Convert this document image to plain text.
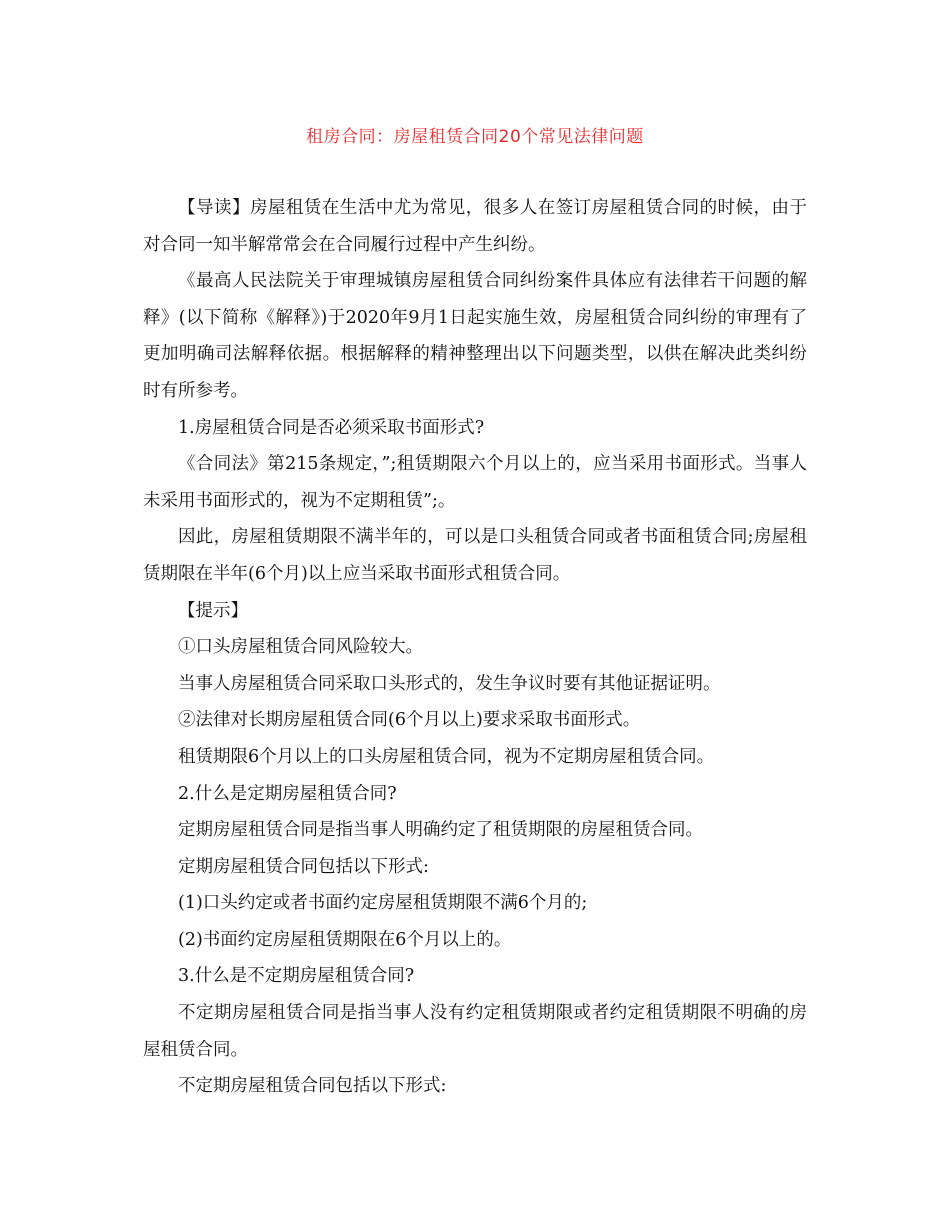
租房合同：房屋租赁合同20个常见法律问题

【导读】房屋租赁在生活中尤为常见，很多人在签订房屋租赁合同的时候，由于对合同一知半解常常会在合同履行过程中产生纠纷。

《最高人民法院关于审理城镇房屋租赁合同纠纷案件具体应有法律若干问题的解释》(以下简称《解释》)于2020年9月1日起实施生效，房屋租赁合同纠纷的审理有了更加明确司法解释依据。根据解释的精神整理出以下问题类型，以供在解决此类纠纷时有所参考。

1.房屋租赁合同是否必须采取书面形式?

《合同法》第215条规定，”;租赁期限六个月以上的，应当采用书面形式。当事人未采用书面形式的，视为不定期租赁”;。

因此，房屋租赁期限不满半年的，可以是口头租赁合同或者书面租赁合同;房屋租赁期限在半年(6个月)以上应当采取书面形式租赁合同。

【提示】

①口头房屋租赁合同风险较大。

当事人房屋租赁合同采取口头形式的，发生争议时要有其他证据证明。

②法律对长期房屋租赁合同(6个月以上)要求采取书面形式。

租赁期限6个月以上的口头房屋租赁合同，视为不定期房屋租赁合同。

2.什么是定期房屋租赁合同?

定期房屋租赁合同是指当事人明确约定了租赁期限的房屋租赁合同。

定期房屋租赁合同包括以下形式:

(1)口头约定或者书面约定房屋租赁期限不满6个月的;

(2)书面约定房屋租赁期限在6个月以上的。

3.什么是不定期房屋租赁合同?

不定期房屋租赁合同是指当事人没有约定租赁期限或者约定租赁期限不明确的房屋租赁合同。

不定期房屋租赁合同包括以下形式:
